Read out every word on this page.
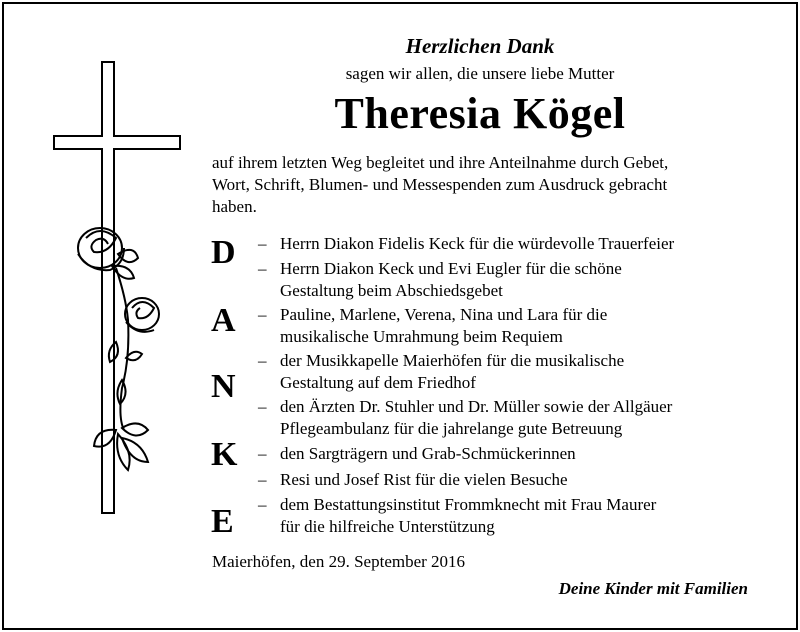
Herzlichen Dank
sagen wir allen, die unsere liebe Mutter
Theresia Kögel
auf ihrem letzten Weg begleitet und ihre Anteilnahme durch Gebet,
Wort, Schrift, Blumen- und Messespenden zum Ausdruck gebracht
haben.
D
A
N
K
E
– Herrn Diakon Fidelis Keck für die würdevolle Trauerfeier
– Herrn Diakon Keck und Evi Eugler für die schöne
Gestaltung beim Abschiedsgebet
– Pauline, Marlene, Verena, Nina und Lara für die
musikalische Umrahmung beim Requiem
– der Musikkapelle Maierhöfen für die musikalische
Gestaltung auf dem Friedhof
– den Ärzten Dr. Stuhler und Dr. Müller sowie der Allgäuer
Pflegeambulanz für die jahrelange gute Betreuung
– den Sargträgern und Grab-Schmückerinnen
– Resi und Josef Rist für die vielen Besuche
– dem Bestattungsinstitut Frommknecht mit Frau Maurer
für die hilfreiche Unterstützung
Maierhöfen, den 29. September 2016
Deine Kinder mit Familien
